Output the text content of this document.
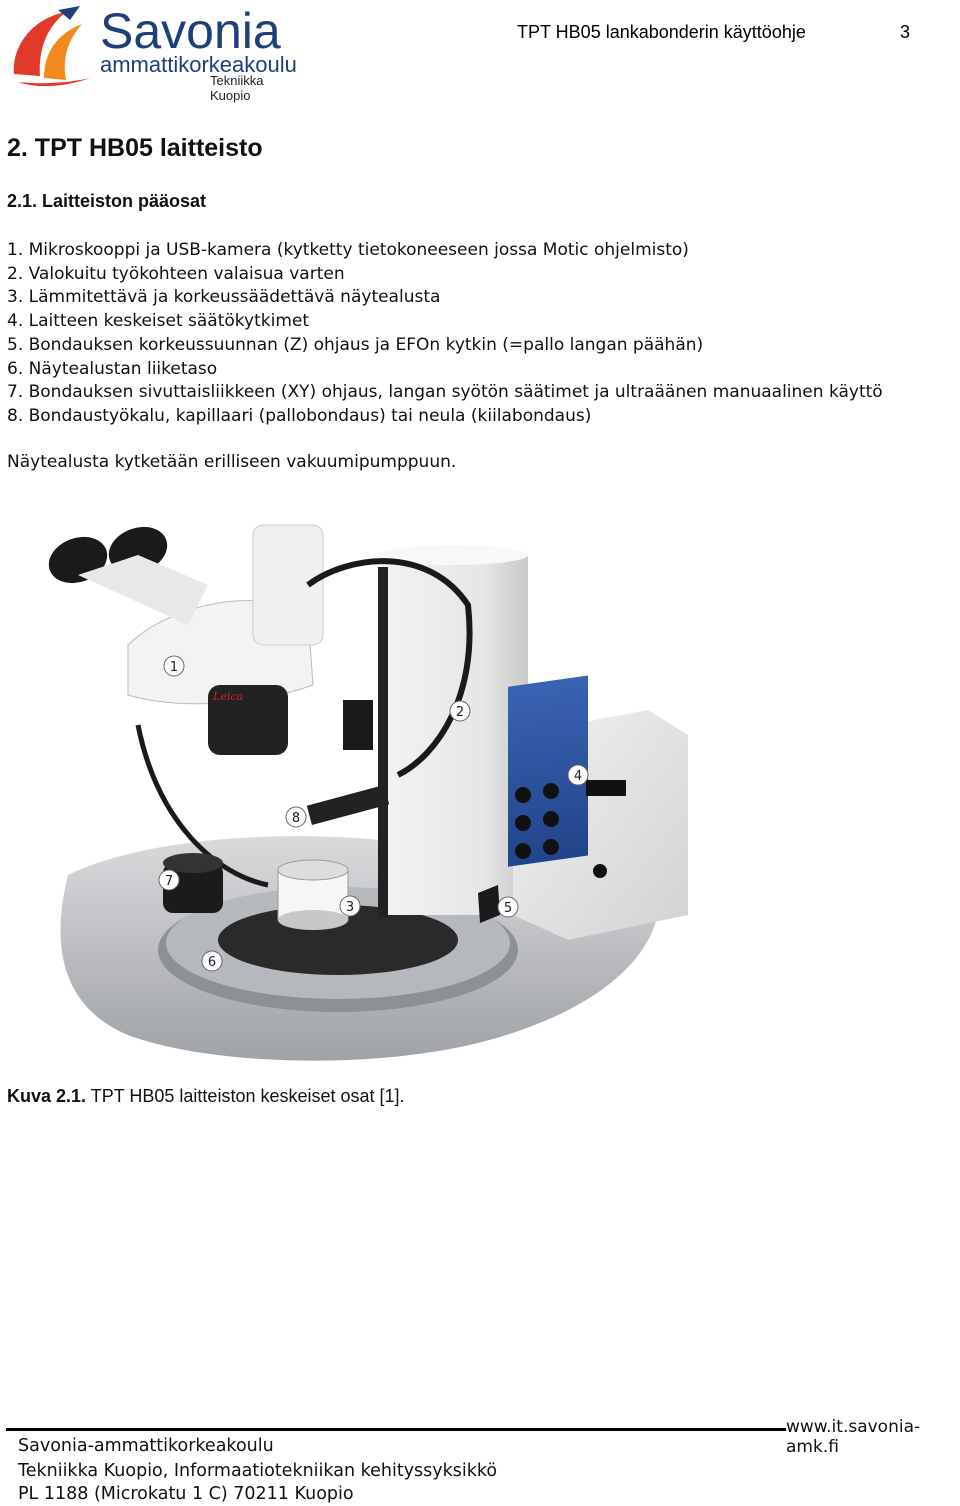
Savonia
ammattikorkeakoulu
Tekniikka Kuopio
TPT HB05 lankabonderin käyttöohje	3
2. TPT HB05 laitteisto
2.1. Laitteiston pääosat
1. Mikroskooppi ja USB-kamera (kytketty tietokoneeseen jossa Motic ohjelmisto)
2. Valokuitu työkohteen valaisua varten
3. Lämmitettävä ja korkeussäädettävä näytealusta
4. Laitteen keskeiset säätökytkimet
5. Bondauksen korkeussuunnan (Z) ohjaus ja EFOn kytkin (=pallo langan päähän)
6. Näytealustan liiketaso
7. Bondauksen sivuttaisliikkeen (XY) ohjaus, langan syötön säätimet ja ultraäänen manuaalinen käyttö
8. Bondaustyökalu, kapillaari (pallobondaus) tai neula (kiilabondaus)
Näytealusta kytketään erilliseen vakuumipumppuun.
Leica
1
2
3
4
5
6
7
8
Kuva 2.1. TPT HB05 laitteiston keskeiset osat [1].
www.it.savonia-amk.fi
Savonia-ammattikorkeakoulu
Tekniikka Kuopio, Informaatiotekniikan kehityssyksikkö
PL 1188 (Microkatu 1 C) 70211 Kuopio
